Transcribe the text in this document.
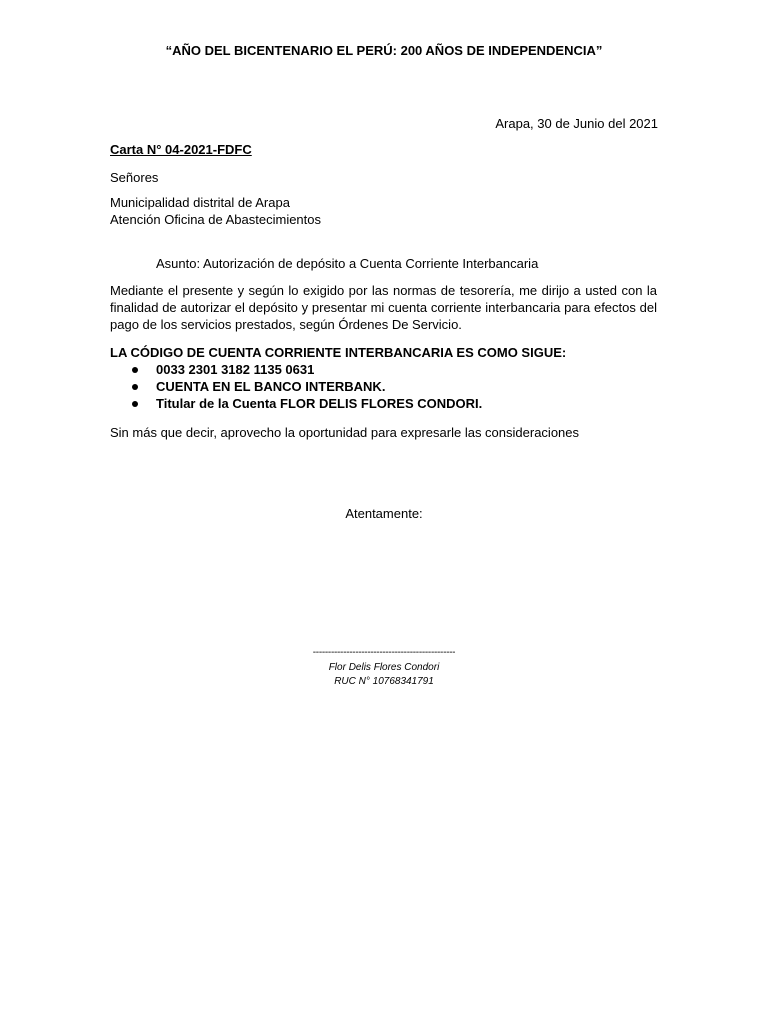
“AÑO DEL BICENTENARIO EL PERÚ: 200 AÑOS DE INDEPENDENCIA”
Arapa, 30 de Junio del 2021
Carta N° 04-2021-FDFC
Señores
Municipalidad distrital de Arapa
Atención Oficina de Abastecimientos
Asunto: Autorización de depósito a Cuenta Corriente Interbancaria
Mediante el presente y según lo exigido por las normas de tesorería, me dirijo a usted con la finalidad de autorizar el depósito y presentar mi cuenta corriente interbancaria para efectos del pago de los servicios prestados, según Órdenes De Servicio.
LA CÓDIGO DE CUENTA CORRIENTE INTERBANCARIA ES COMO SIGUE:
0033 2301 3182 1135 0631
CUENTA EN EL BANCO INTERBANK.
Titular de la Cuenta FLOR DELIS FLORES CONDORI.
Sin más que decir, aprovecho la oportunidad para expresarle las consideraciones
Atentamente:
-----------------------------------------------
Flor Delis Flores Condori
RUC N° 10768341791
